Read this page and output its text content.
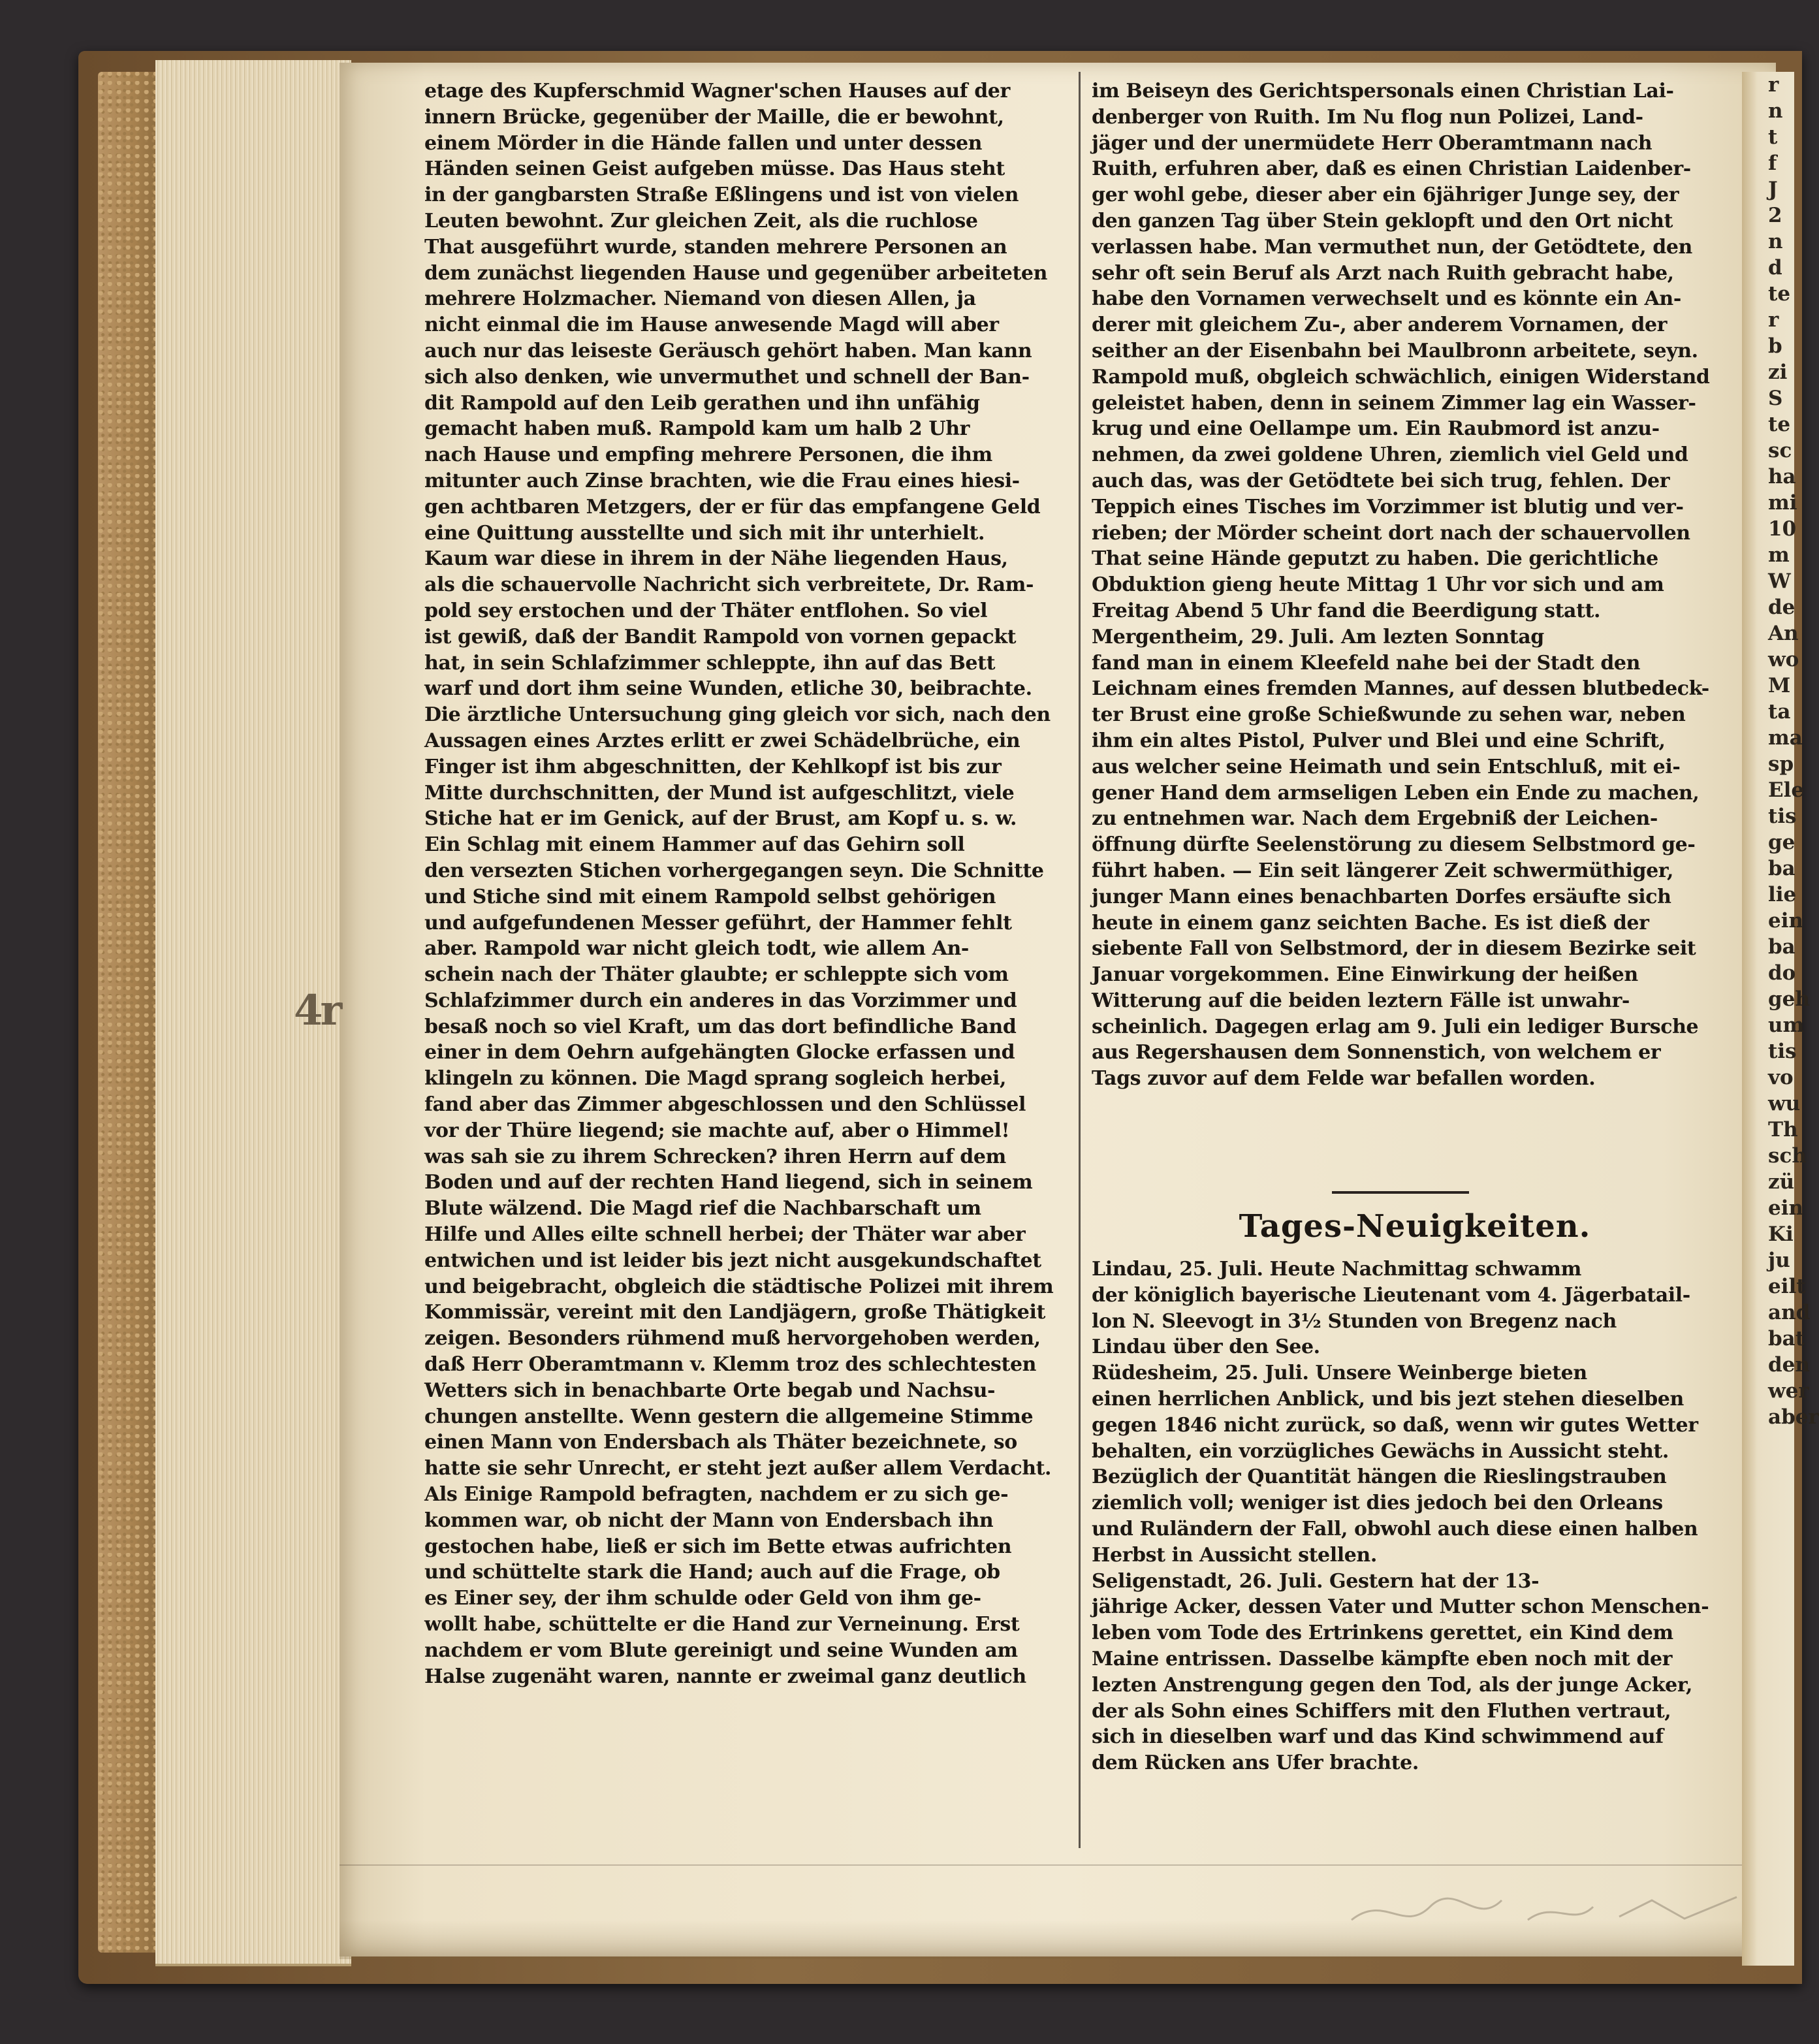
4r
etage des Kupferschmid Wagner'schen Hauses auf der
innern Brücke, gegenüber der Maille, die er bewohnt,
einem Mörder in die Hände fallen und unter dessen
Händen seinen Geist aufgeben müsse. Das Haus steht
in der gangbarsten Straße Eßlingens und ist von vielen
Leuten bewohnt. Zur gleichen Zeit, als die ruchlose
That ausgeführt wurde, standen mehrere Personen an
dem zunächst liegenden Hause und gegenüber arbeiteten
mehrere Holzmacher. Niemand von diesen Allen, ja
nicht einmal die im Hause anwesende Magd will aber
auch nur das leiseste Geräusch gehört haben. Man kann
sich also denken, wie unvermuthet und schnell der Ban-
dit Rampold auf den Leib gerathen und ihn unfähig
gemacht haben muß. Rampold kam um halb 2 Uhr
nach Hause und empfing mehrere Personen, die ihm
mitunter auch Zinse brachten, wie die Frau eines hiesi-
gen achtbaren Metzgers, der er für das empfangene Geld
eine Quittung ausstellte und sich mit ihr unterhielt.
Kaum war diese in ihrem in der Nähe liegenden Haus,
als die schauervolle Nachricht sich verbreitete, Dr. Ram-
pold sey erstochen und der Thäter entflohen. So viel
ist gewiß, daß der Bandit Rampold von vornen gepackt
hat, in sein Schlafzimmer schleppte, ihn auf das Bett
warf und dort ihm seine Wunden, etliche 30, beibrachte.
Die ärztliche Untersuchung ging gleich vor sich, nach den
Aussagen eines Arztes erlitt er zwei Schädelbrüche, ein
Finger ist ihm abgeschnitten, der Kehlkopf ist bis zur
Mitte durchschnitten, der Mund ist aufgeschlitzt, viele
Stiche hat er im Genick, auf der Brust, am Kopf u. s. w.
Ein Schlag mit einem Hammer auf das Gehirn soll
den versezten Stichen vorhergegangen seyn. Die Schnitte
und Stiche sind mit einem Rampold selbst gehörigen
und aufgefundenen Messer geführt, der Hammer fehlt
aber. Rampold war nicht gleich todt, wie allem An-
schein nach der Thäter glaubte; er schleppte sich vom
Schlafzimmer durch ein anderes in das Vorzimmer und
besaß noch so viel Kraft, um das dort befindliche Band
einer in dem Oehrn aufgehängten Glocke erfassen und
klingeln zu können. Die Magd sprang sogleich herbei,
fand aber das Zimmer abgeschlossen und den Schlüssel
vor der Thüre liegend; sie machte auf, aber o Himmel!
was sah sie zu ihrem Schrecken? ihren Herrn auf dem
Boden und auf der rechten Hand liegend, sich in seinem
Blute wälzend. Die Magd rief die Nachbarschaft um
Hilfe und Alles eilte schnell herbei; der Thäter war aber
entwichen und ist leider bis jezt nicht ausgekundschaftet
und beigebracht, obgleich die städtische Polizei mit ihrem
Kommissär, vereint mit den Landjägern, große Thätigkeit
zeigen. Besonders rühmend muß hervorgehoben werden,
daß Herr Oberamtmann v. Klemm troz des schlechtesten
Wetters sich in benachbarte Orte begab und Nachsu-
chungen anstellte. Wenn gestern die allgemeine Stimme
einen Mann von Endersbach als Thäter bezeichnete, so
hatte sie sehr Unrecht, er steht jezt außer allem Verdacht.
Als Einige Rampold befragten, nachdem er zu sich ge-
kommen war, ob nicht der Mann von Endersbach ihn
gestochen habe, ließ er sich im Bette etwas aufrichten
und schüttelte stark die Hand; auch auf die Frage, ob
es Einer sey, der ihm schulde oder Geld von ihm ge-
wollt habe, schüttelte er die Hand zur Verneinung. Erst
nachdem er vom Blute gereinigt und seine Wunden am
Halse zugenäht waren, nannte er zweimal ganz deutlich
im Beiseyn des Gerichtspersonals einen Christian Lai-
denberger von Ruith. Im Nu flog nun Polizei, Land-
jäger und der unermüdete Herr Oberamtmann nach
Ruith, erfuhren aber, daß es einen Christian Laidenber-
ger wohl gebe, dieser aber ein 6jähriger Junge sey, der
den ganzen Tag über Stein geklopft und den Ort nicht
verlassen habe. Man vermuthet nun, der Getödtete, den
sehr oft sein Beruf als Arzt nach Ruith gebracht habe,
habe den Vornamen verwechselt und es könnte ein An-
derer mit gleichem Zu-, aber anderem Vornamen, der
seither an der Eisenbahn bei Maulbronn arbeitete, seyn.
Rampold muß, obgleich schwächlich, einigen Widerstand
geleistet haben, denn in seinem Zimmer lag ein Wasser-
krug und eine Oellampe um. Ein Raubmord ist anzu-
nehmen, da zwei goldene Uhren, ziemlich viel Geld und
auch das, was der Getödtete bei sich trug, fehlen. Der
Teppich eines Tisches im Vorzimmer ist blutig und ver-
rieben; der Mörder scheint dort nach der schauervollen
That seine Hände geputzt zu haben. Die gerichtliche
Obduktion gieng heute Mittag 1 Uhr vor sich und am
Freitag Abend 5 Uhr fand die Beerdigung statt.
Mergentheim, 29. Juli. Am lezten Sonntag
fand man in einem Kleefeld nahe bei der Stadt den
Leichnam eines fremden Mannes, auf dessen blutbedeck-
ter Brust eine große Schießwunde zu sehen war, neben
ihm ein altes Pistol, Pulver und Blei und eine Schrift,
aus welcher seine Heimath und sein Entschluß, mit ei-
gener Hand dem armseligen Leben ein Ende zu machen,
zu entnehmen war. Nach dem Ergebniß der Leichen-
öffnung dürfte Seelenstörung zu diesem Selbstmord ge-
führt haben. — Ein seit längerer Zeit schwermüthiger,
junger Mann eines benachbarten Dorfes ersäufte sich
heute in einem ganz seichten Bache. Es ist dieß der
siebente Fall von Selbstmord, der in diesem Bezirke seit
Januar vorgekommen. Eine Einwirkung der heißen
Witterung auf die beiden leztern Fälle ist unwahr-
scheinlich. Dagegen erlag am 9. Juli ein lediger Bursche
aus Regershausen dem Sonnenstich, von welchem er
Tags zuvor auf dem Felde war befallen worden.
Tages-Neuigkeiten.
Lindau, 25. Juli. Heute Nachmittag schwamm
der königlich bayerische Lieutenant vom 4. Jägerbatail-
lon N. Sleevogt in 3½ Stunden von Bregenz nach
Lindau über den See.
Rüdesheim, 25. Juli. Unsere Weinberge bieten
einen herrlichen Anblick, und bis jezt stehen dieselben
gegen 1846 nicht zurück, so daß, wenn wir gutes Wetter
behalten, ein vorzügliches Gewächs in Aussicht steht.
Bezüglich der Quantität hängen die Rieslingstrauben
ziemlich voll; weniger ist dies jedoch bei den Orleans
und Ruländern der Fall, obwohl auch diese einen halben
Herbst in Aussicht stellen.
Seligenstadt, 26. Juli. Gestern hat der 13-
jährige Acker, dessen Vater und Mutter schon Menschen-
leben vom Tode des Ertrinkens gerettet, ein Kind dem
Maine entrissen. Dasselbe kämpfte eben noch mit der
lezten Anstrengung gegen den Tod, als der junge Acker,
der als Sohn eines Schiffers mit den Fluthen vertraut,
sich in dieselben warf und das Kind schwimmend auf
dem Rücken ans Ufer brachte.
r
n
t
f
J
2
n
d
te
r
b
zi
S
te
sc
ha
mi
10
m
W
de
An
wo
M
ta
ma
sp
Ele
tis
ge
ba
lie
ein
ba
do
geh
um
tis
vo
wu
Th
sch
zü
ein
Ki
ju
eilt
and
bat
den
wer
aber
